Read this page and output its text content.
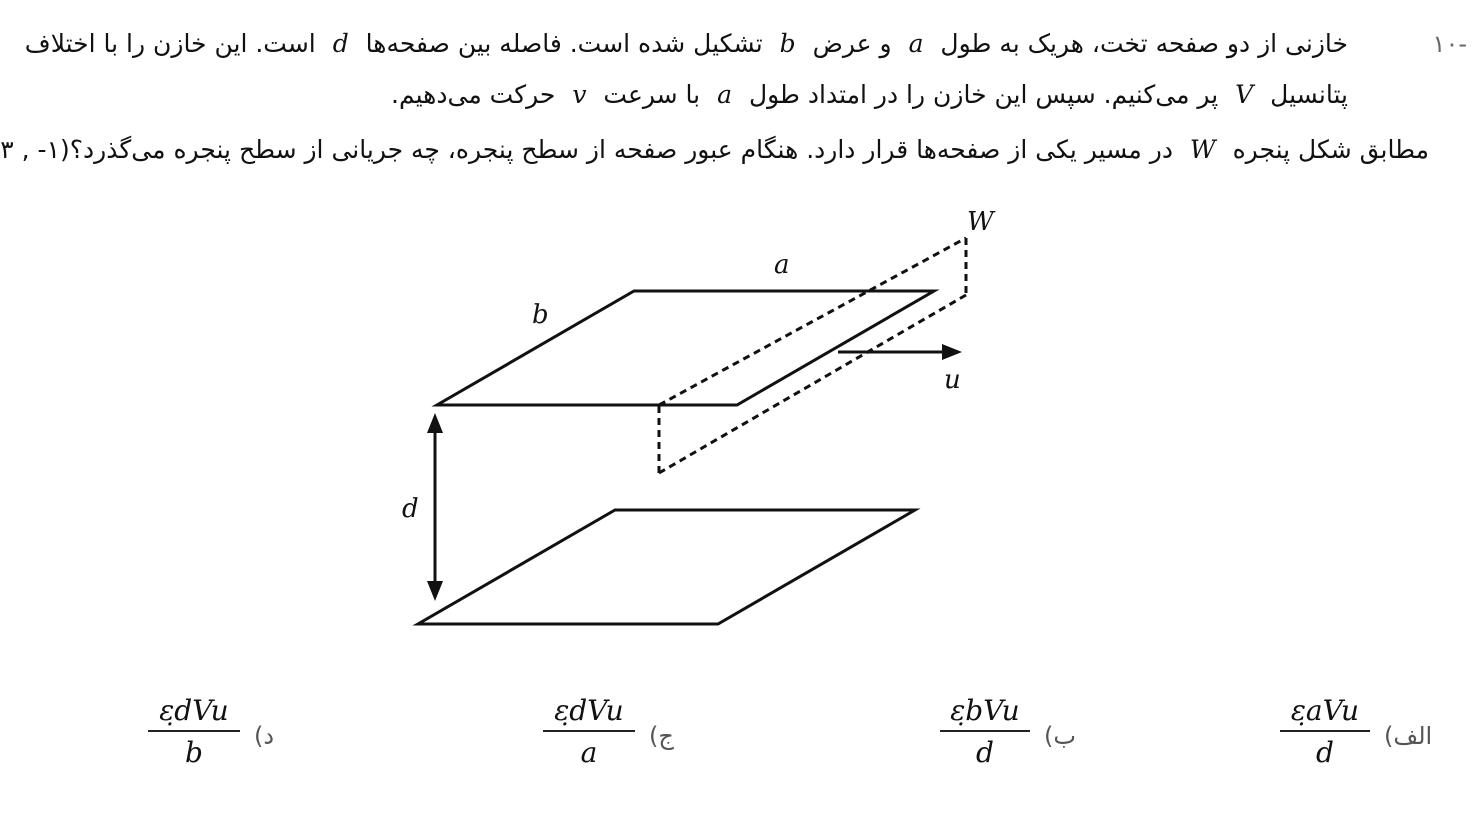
-۱۰
خازنی از دو صفحه تخت، هریک به طول a و عرض b تشکیل شده است. فاصله بین صفحه‌ها d است. این خازن را با اختلاف
پتانسیل V پر می‌کنیم. سپس این خازن را در امتداد طول a با سرعت v حرکت می‌دهیم.
مطابق شکل پنجره W در مسیر یکی از صفحه‌ها قرار دارد. هنگام عبور صفحه از سطح پنجره، چه جریانی از سطح پنجره می‌گذرد؟(۱- , ۳
W
a
b
u
d
ε̣aVu
d	الف)
ε̣bVu
d	ب)
ε̣dVu
a	ج)
ε̣dVu
b	د)
